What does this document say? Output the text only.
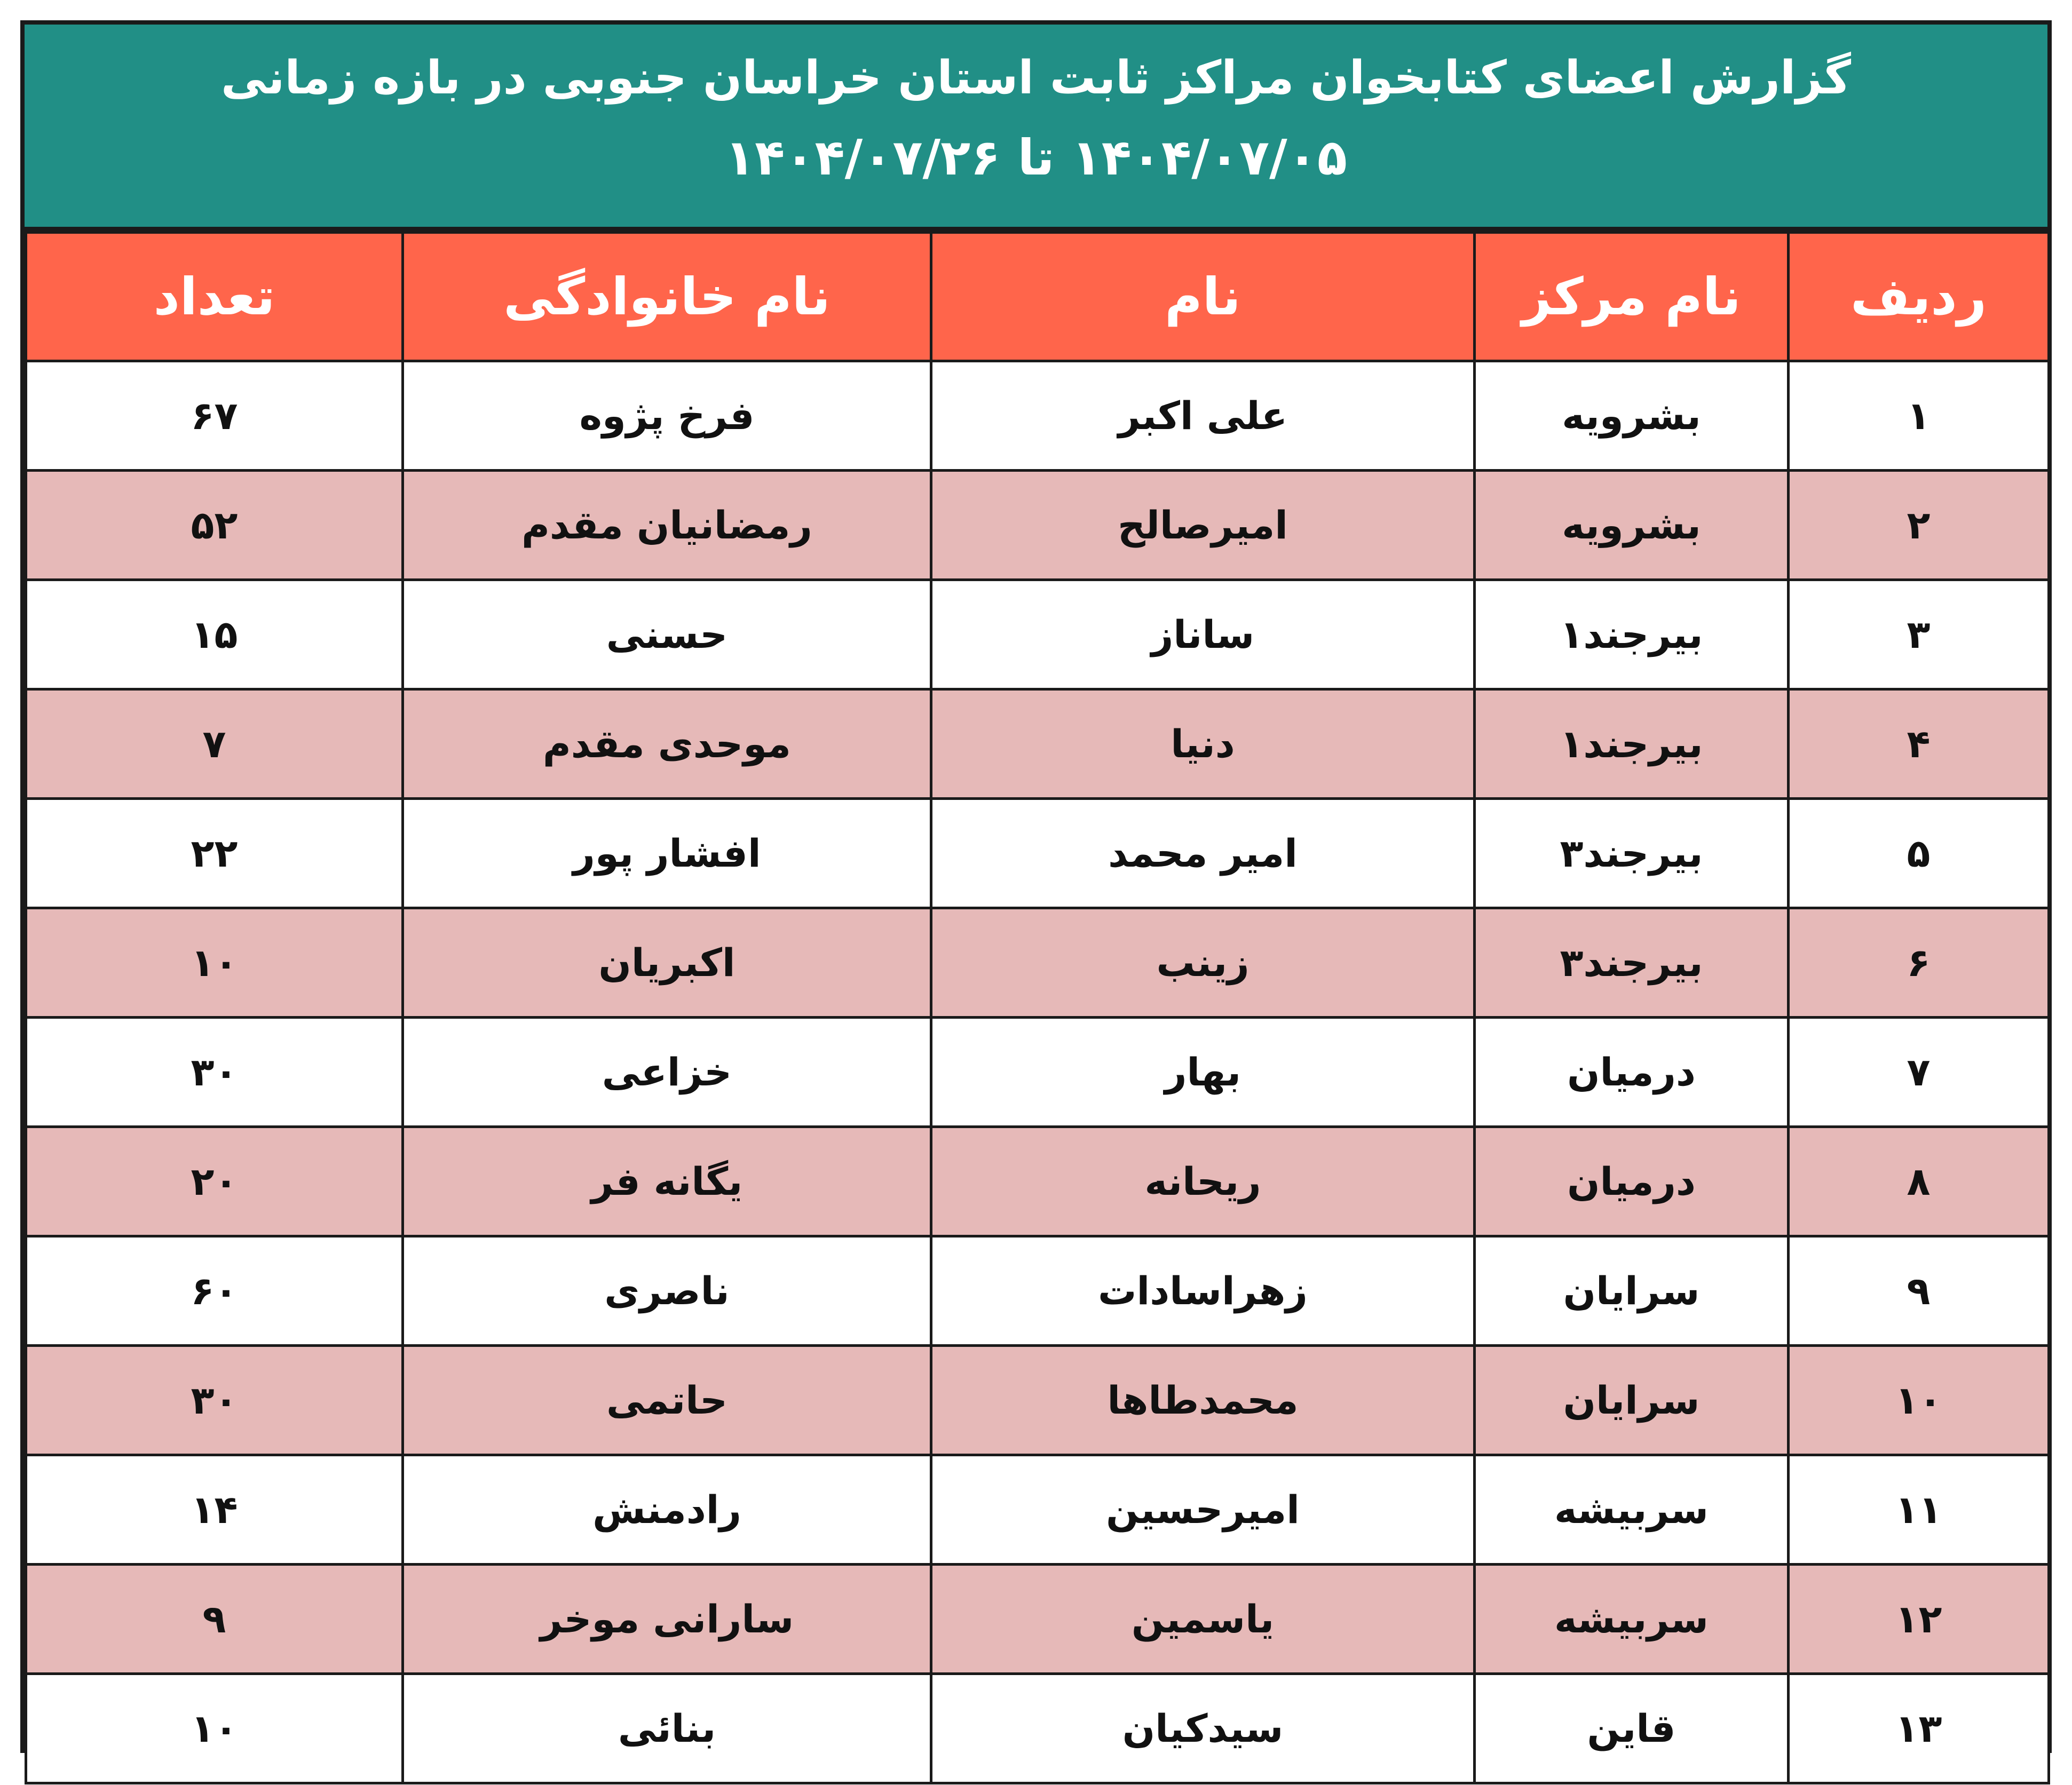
گزارش اعضای کتابخوان مراکز ثابت استان خراسان جنوبی در بازه زمانی
۱۴۰۴/۰۷/۰۵ تا ۱۴۰۴/۰۷/۲۶
ردیف	نام مرکز	نام	نام خانوادگی	تعداد
۱	بشرویه	علی اکبر	فرخ پژوه	۶۷
۲	بشرویه	امیرصالح	رمضانیان مقدم	۵۲
۳	بیرجند۱	ساناز	حسنی	۱۵
۴	بیرجند۱	دنیا	موحدی مقدم	۷
۵	بیرجند۳	امیر محمد	افشار پور	۲۲
۶	بیرجند۳	زینب	اکبریان	۱۰
۷	درمیان	بهار	خزاعی	۳۰
۸	درمیان	ریحانه	یگانه فر	۲۰
۹	سرایان	زهراسادات	ناصری	۶۰
۱۰	سرایان	محمدطاها	حاتمی	۳۰
۱۱	سربیشه	امیرحسین	رادمنش	۱۴
۱۲	سربیشه	یاسمین	سارانی موخر	۹
۱۳	قاین	سیدکیان	بنائی	۱۰
